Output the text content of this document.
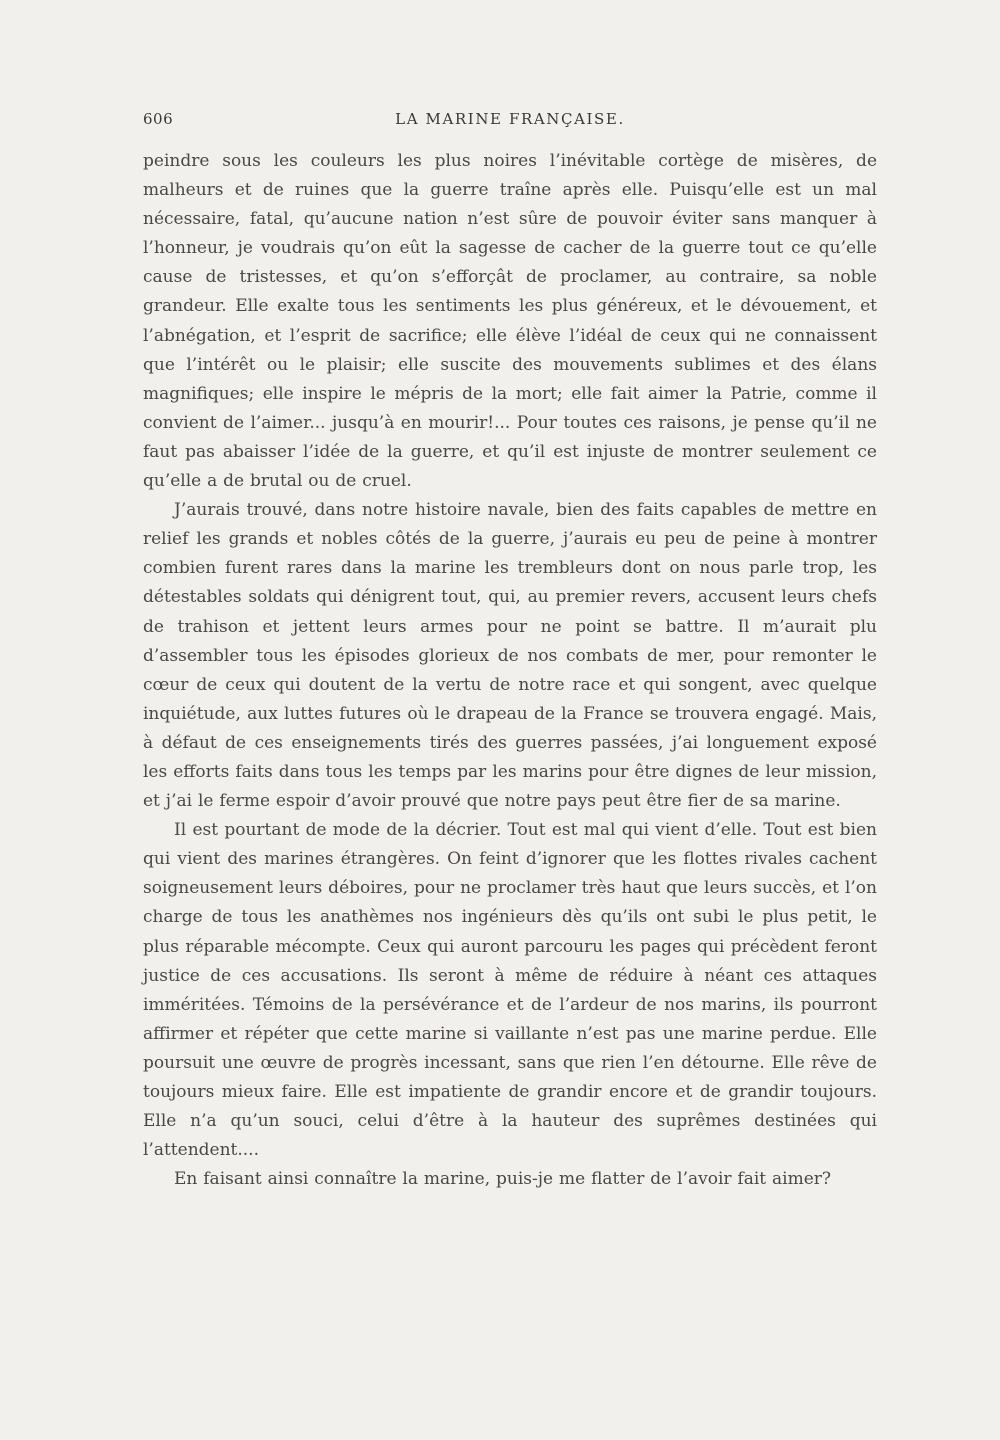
606	LA MARINE FRANÇAISE.

peindre sous les couleurs les plus noires l’inévitable cortège de misères, de malheurs et de ruines que la guerre traîne après elle. Puisqu’elle est un mal nécessaire, fatal, qu’aucune nation n’est sûre de pouvoir éviter sans manquer à l’honneur, je voudrais qu’on eût la sagesse de cacher de la guerre tout ce qu’elle cause de tristesses, et qu’on s’efforçât de proclamer, au contraire, sa noble grandeur. Elle exalte tous les sentiments les plus généreux, et le dévouement, et l’abnégation, et l’esprit de sacrifice; elle élève l’idéal de ceux qui ne connaissent que l’intérêt ou le plaisir; elle suscite des mouvements sublimes et des élans magnifiques; elle inspire le mépris de la mort; elle fait aimer la Patrie, comme il convient de l’aimer... jusqu’à en mourir!... Pour toutes ces raisons, je pense qu’il ne faut pas abaisser l’idée de la guerre, et qu’il est injuste de montrer seulement ce qu’elle a de brutal ou de cruel.

J’aurais trouvé, dans notre histoire navale, bien des faits capables de mettre en relief les grands et nobles côtés de la guerre, j’aurais eu peu de peine à montrer combien furent rares dans la marine les trembleurs dont on nous parle trop, les détestables soldats qui dénigrent tout, qui, au premier revers, accusent leurs chefs de trahison et jettent leurs armes pour ne point se battre. Il m’aurait plu d’assembler tous les épisodes glorieux de nos combats de mer, pour remonter le cœur de ceux qui doutent de la vertu de notre race et qui songent, avec quelque inquiétude, aux luttes futures où le drapeau de la France se trouvera engagé. Mais, à défaut de ces enseignements tirés des guerres passées, j’ai longuement exposé les efforts faits dans tous les temps par les marins pour être dignes de leur mission, et j’ai le ferme espoir d’avoir prouvé que notre pays peut être fier de sa marine.

Il est pourtant de mode de la décrier. Tout est mal qui vient d’elle. Tout est bien qui vient des marines étrangères. On feint d’ignorer que les flottes rivales cachent soigneusement leurs déboires, pour ne proclamer très haut que leurs succès, et l’on charge de tous les anathèmes nos ingénieurs dès qu’ils ont subi le plus petit, le plus réparable mécompte. Ceux qui auront parcouru les pages qui précèdent feront justice de ces accusations. Ils seront à même de réduire à néant ces attaques imméritées. Témoins de la persévérance et de l’ardeur de nos marins, ils pourront affirmer et répéter que cette marine si vaillante n’est pas une marine perdue. Elle poursuit une œuvre de progrès incessant, sans que rien l’en détourne. Elle rêve de toujours mieux faire. Elle est impatiente de grandir encore et de grandir toujours. Elle n’a qu’un souci, celui d’être à la hauteur des suprêmes destinées qui l’attendent....

En faisant ainsi connaître la marine, puis-je me flatter de l’avoir fait aimer?
